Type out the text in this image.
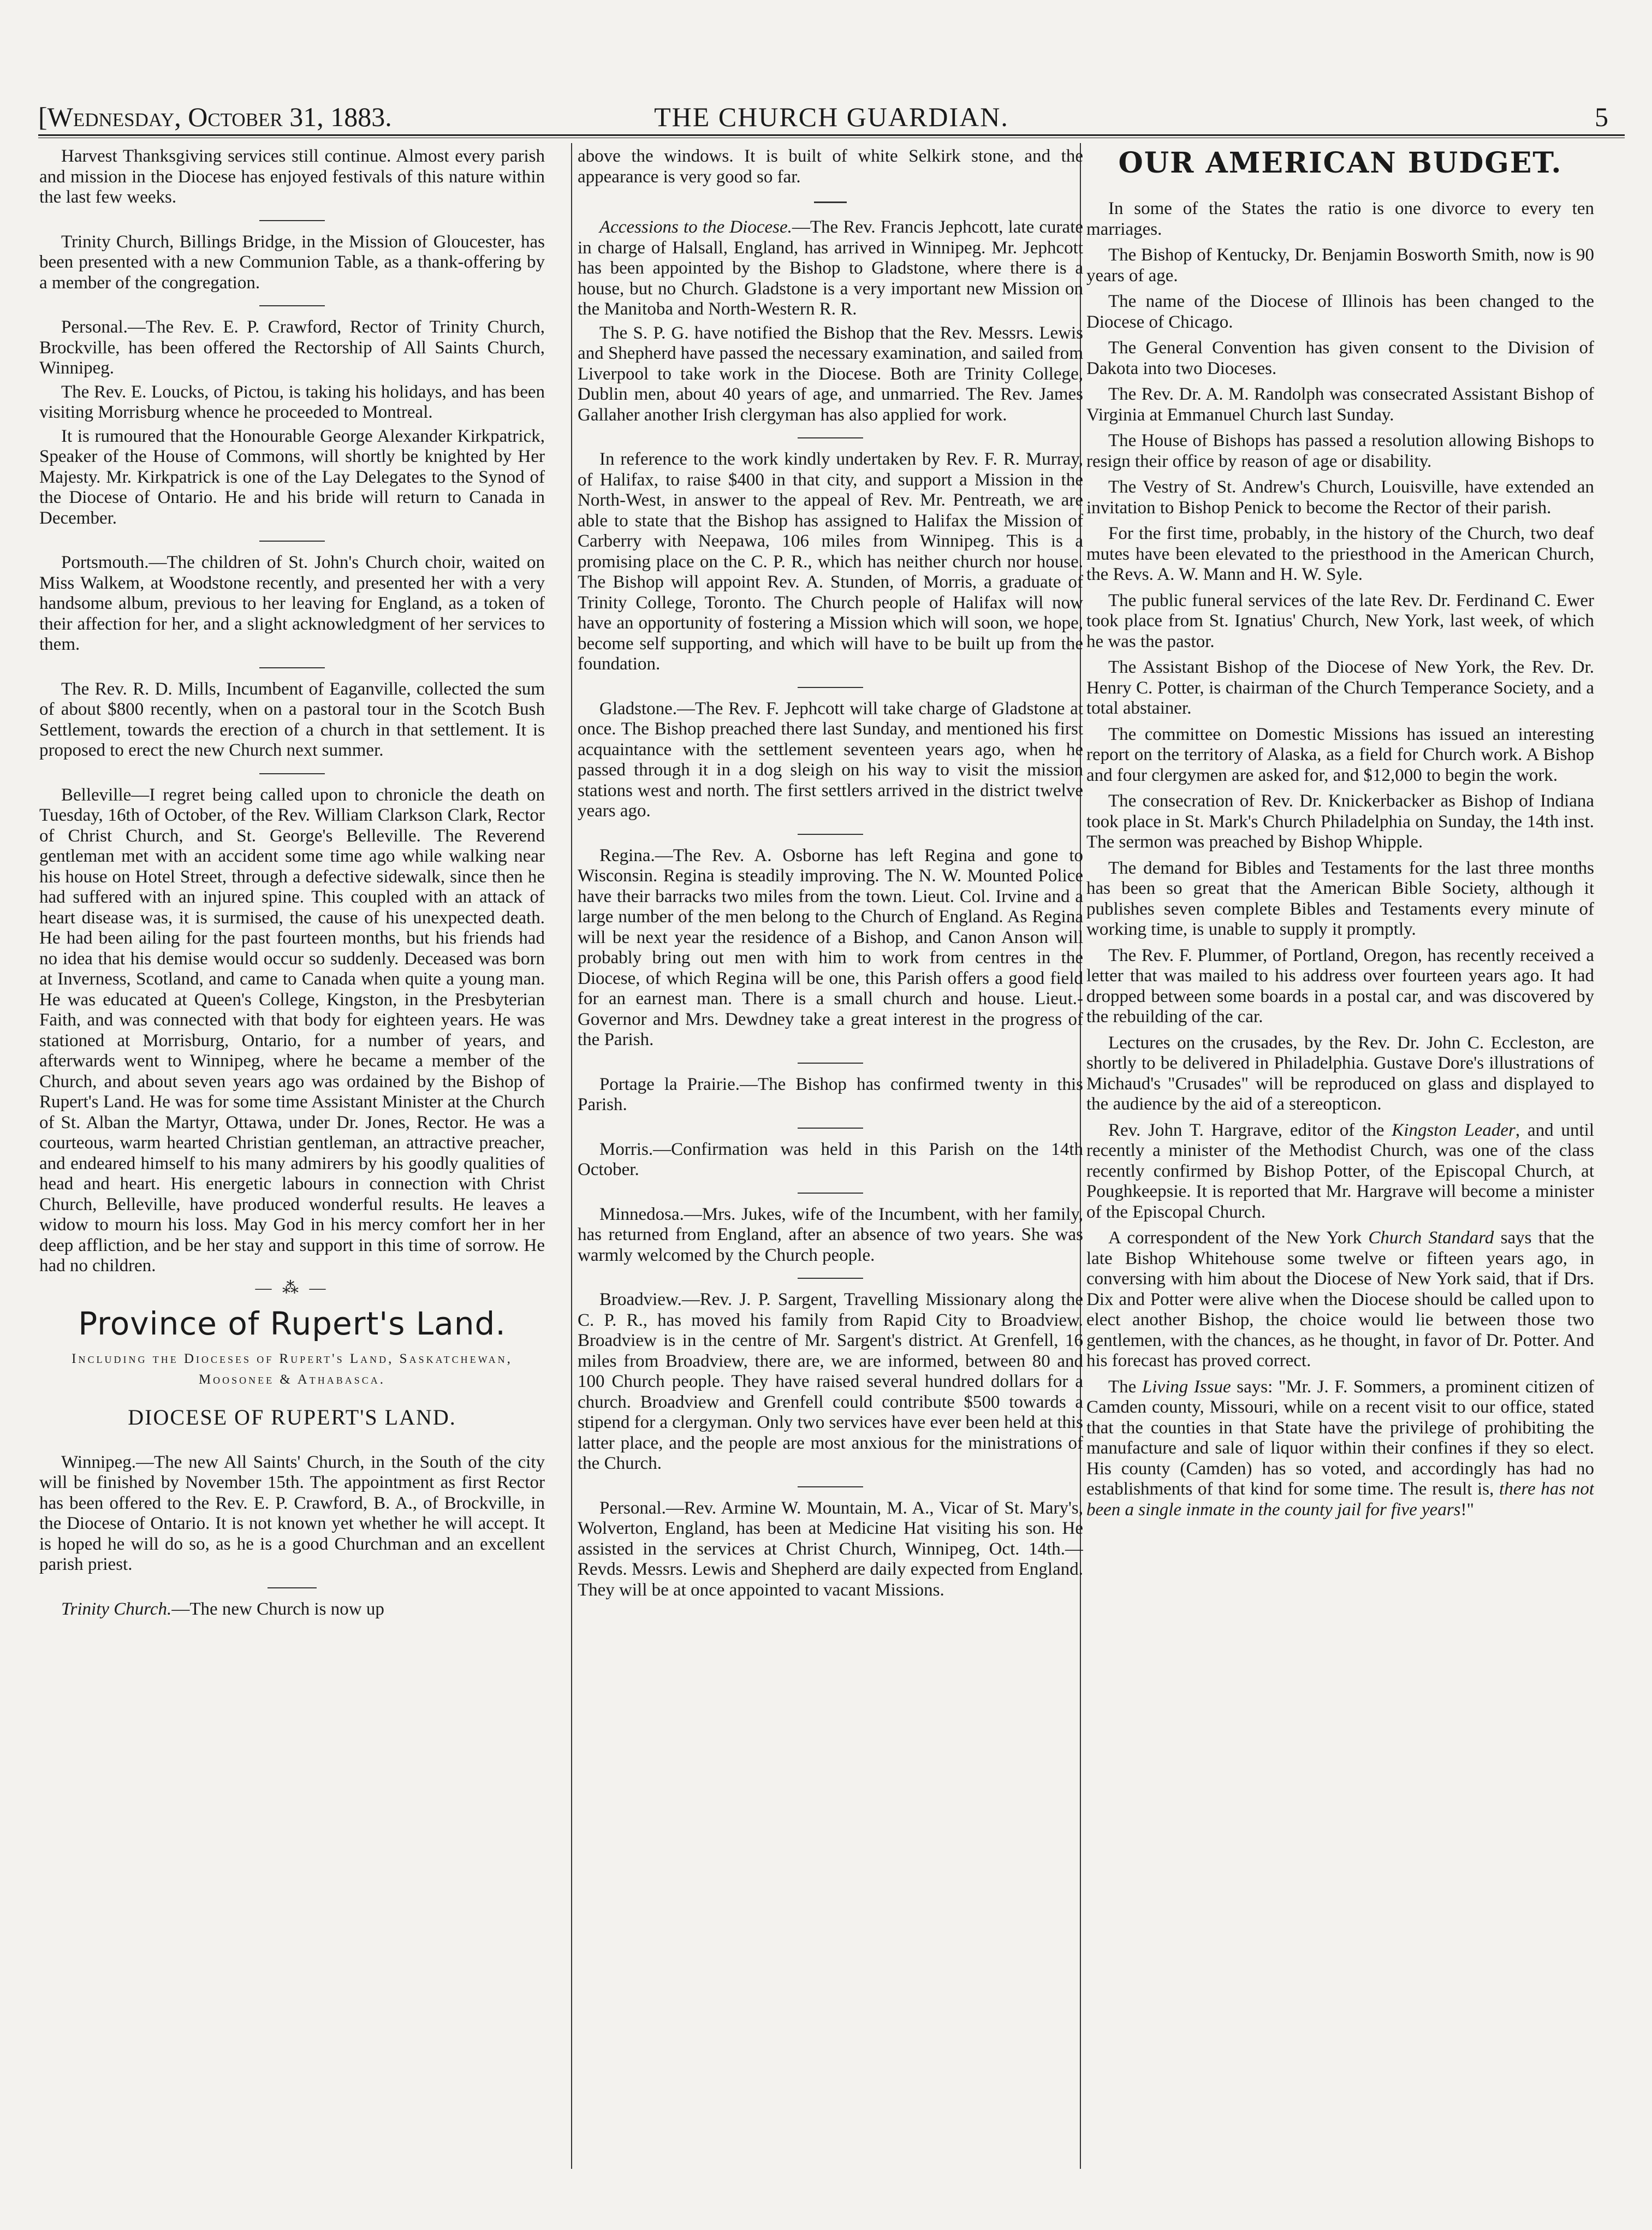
[Wednesday, October 31, 1883.	THE CHURCH GUARDIAN.	5

Harvest Thanksgiving services still continue. Almost every parish and mission in the Diocese has enjoyed festivals of this nature within the last few weeks.

Trinity Church, Billings Bridge, in the Mission of Gloucester, has been presented with a new Communion Table, as a thank-offering by a member of the congregation.

Personal.—The Rev. E. P. Crawford, Rector of Trinity Church, Brockville, has been offered the Rectorship of All Saints Church, Winnipeg.

The Rev. E. Loucks, of Pictou, is taking his holidays, and has been visiting Morrisburg whence he proceeded to Montreal.

It is rumoured that the Honourable George Alexander Kirkpatrick, Speaker of the House of Commons, will shortly be knighted by Her Majesty. Mr. Kirkpatrick is one of the Lay Delegates to the Synod of the Diocese of Ontario. He and his bride will return to Canada in December.

Portsmouth.—The children of St. John's Church choir, waited on Miss Walkem, at Woodstone recently, and presented her with a very handsome album, previous to her leaving for England, as a token of their affection for her, and a slight acknowledgment of her services to them.

The Rev. R. D. Mills, Incumbent of Eaganville, collected the sum of about $800 recently, when on a pastoral tour in the Scotch Bush Settlement, towards the erection of a church in that settlement. It is proposed to erect the new Church next summer.

Belleville—I regret being called upon to chronicle the death on Tuesday, 16th of October, of the Rev. William Clarkson Clark, Rector of Christ Church, and St. George's Belleville. The Reverend gentleman met with an accident some time ago while walking near his house on Hotel Street, through a defective sidewalk, since then he had suffered with an injured spine. This coupled with an attack of heart disease was, it is surmised, the cause of his unexpected death. He had been ailing for the past fourteen months, but his friends had no idea that his demise would occur so suddenly. Deceased was born at Inverness, Scotland, and came to Canada when quite a young man. He was educated at Queen's College, Kingston, in the Presbyterian Faith, and was connected with that body for eighteen years. He was stationed at Morrisburg, Ontario, for a number of years, and afterwards went to Winnipeg, where he became a member of the Church, and about seven years ago was ordained by the Bishop of Rupert's Land. He was for some time Assistant Minister at the Church of St. Alban the Martyr, Ottawa, under Dr. Jones, Rector. He was a courteous, warm hearted Christian gentleman, an attractive preacher, and endeared himself to his many admirers by his goodly qualities of head and heart. His energetic labours in connection with Christ Church, Belleville, have produced wonderful results. He leaves a widow to mourn his loss. May God in his mercy comfort her in her deep affliction, and be her stay and support in this time of sorrow. He had no children.

— ⁂ —
Province of Rupert's Land.
Including the Dioceses of Rupert's Land, Saskatchewan, Moosonee & Athabasca.
DIOCESE OF RUPERT'S LAND.

Winnipeg.—The new All Saints' Church, in the South of the city will be finished by November 15th. The appointment as first Rector has been offered to the Rev. E. P. Crawford, B. A., of Brockville, in the Diocese of Ontario. It is not known yet whether he will accept. It is hoped he will do so, as he is a good Churchman and an excellent parish priest.

Trinity Church.—The new Church is now up

above the windows. It is built of white Selkirk stone, and the appearance is very good so far.

Accessions to the Diocese.—The Rev. Francis Jephcott, late curate in charge of Halsall, England, has arrived in Winnipeg. Mr. Jephcott has been appointed by the Bishop to Gladstone, where there is a house, but no Church. Gladstone is a very important new Mission on the Manitoba and North-Western R. R.

The S. P. G. have notified the Bishop that the Rev. Messrs. Lewis and Shepherd have passed the necessary examination, and sailed from Liverpool to take work in the Diocese. Both are Trinity College, Dublin men, about 40 years of age, and unmarried. The Rev. James Gallaher another Irish clergyman has also applied for work.

In reference to the work kindly undertaken by Rev. F. R. Murray, of Halifax, to raise $400 in that city, and support a Mission in the North-West, in answer to the appeal of Rev. Mr. Pentreath, we are able to state that the Bishop has assigned to Halifax the Mission of Carberry with Neepawa, 106 miles from Winnipeg. This is a promising place on the C. P. R., which has neither church nor house. The Bishop will appoint Rev. A. Stunden, of Morris, a graduate of Trinity College, Toronto. The Church people of Halifax will now have an opportunity of fostering a Mission which will soon, we hope, become self supporting, and which will have to be built up from the foundation.

Gladstone.—The Rev. F. Jephcott will take charge of Gladstone at once. The Bishop preached there last Sunday, and mentioned his first acquaintance with the settlement seventeen years ago, when he passed through it in a dog sleigh on his way to visit the mission stations west and north. The first settlers arrived in the district twelve years ago.

Regina.—The Rev. A. Osborne has left Regina and gone to Wisconsin. Regina is steadily improving. The N. W. Mounted Police have their barracks two miles from the town. Lieut. Col. Irvine and a large number of the men belong to the Church of England. As Regina will be next year the residence of a Bishop, and Canon Anson will probably bring out men with him to work from centres in the Diocese, of which Regina will be one, this Parish offers a good field for an earnest man. There is a small church and house. Lieut.-Governor and Mrs. Dewdney take a great interest in the progress of the Parish.

Portage la Prairie.—The Bishop has confirmed twenty in this Parish.

Morris.—Confirmation was held in this Parish on the 14th October.

Minnedosa.—Mrs. Jukes, wife of the Incumbent, with her family, has returned from England, after an absence of two years. She was warmly welcomed by the Church people.

Broadview.—Rev. J. P. Sargent, Travelling Missionary along the C. P. R., has moved his family from Rapid City to Broadview. Broadview is in the centre of Mr. Sargent's district. At Grenfell, 16 miles from Broadview, there are, we are informed, between 80 and 100 Church people. They have raised several hundred dollars for a church. Broadview and Grenfell could contribute $500 towards a stipend for a clergyman. Only two services have ever been held at this latter place, and the people are most anxious for the ministrations of the Church.

Personal.—Rev. Armine W. Mountain, M. A., Vicar of St. Mary's, Wolverton, England, has been at Medicine Hat visiting his son. He assisted in the services at Christ Church, Winnipeg, Oct. 14th.—Revds. Messrs. Lewis and Shepherd are daily expected from England. They will be at once appointed to vacant Missions.

OUR AMERICAN BUDGET.

In some of the States the ratio is one divorce to every ten marriages.

The Bishop of Kentucky, Dr. Benjamin Bosworth Smith, now is 90 years of age.

The name of the Diocese of Illinois has been changed to the Diocese of Chicago.

The General Convention has given consent to the Division of Dakota into two Dioceses.

The Rev. Dr. A. M. Randolph was consecrated Assistant Bishop of Virginia at Emmanuel Church last Sunday.

The House of Bishops has passed a resolution allowing Bishops to resign their office by reason of age or disability.

The Vestry of St. Andrew's Church, Louisville, have extended an invitation to Bishop Penick to become the Rector of their parish.

For the first time, probably, in the history of the Church, two deaf mutes have been elevated to the priesthood in the American Church, the Revs. A. W. Mann and H. W. Syle.

The public funeral services of the late Rev. Dr. Ferdinand C. Ewer took place from St. Ignatius' Church, New York, last week, of which he was the pastor.

The Assistant Bishop of the Diocese of New York, the Rev. Dr. Henry C. Potter, is chairman of the Church Temperance Society, and a total abstainer.

The committee on Domestic Missions has issued an interesting report on the territory of Alaska, as a field for Church work. A Bishop and four clergymen are asked for, and $12,000 to begin the work.

The consecration of Rev. Dr. Knickerbacker as Bishop of Indiana took place in St. Mark's Church Philadelphia on Sunday, the 14th inst. The sermon was preached by Bishop Whipple.

The demand for Bibles and Testaments for the last three months has been so great that the American Bible Society, although it publishes seven complete Bibles and Testaments every minute of working time, is unable to supply it promptly.

The Rev. F. Plummer, of Portland, Oregon, has recently received a letter that was mailed to his address over fourteen years ago. It had dropped between some boards in a postal car, and was discovered by the rebuilding of the car.

Lectures on the crusades, by the Rev. Dr. John C. Eccleston, are shortly to be delivered in Philadelphia. Gustave Dore's illustrations of Michaud's "Crusades" will be reproduced on glass and displayed to the audience by the aid of a stereopticon.

Rev. John T. Hargrave, editor of the Kingston Leader, and until recently a minister of the Methodist Church, was one of the class recently confirmed by Bishop Potter, of the Episcopal Church, at Poughkeepsie. It is reported that Mr. Hargrave will become a minister of the Episcopal Church.

A correspondent of the New York Church Standard says that the late Bishop Whitehouse some twelve or fifteen years ago, in conversing with him about the Diocese of New York said, that if Drs. Dix and Potter were alive when the Diocese should be called upon to elect another Bishop, the choice would lie between those two gentlemen, with the chances, as he thought, in favor of Dr. Potter. And his forecast has proved correct.

The Living Issue says: "Mr. J. F. Sommers, a prominent citizen of Camden county, Missouri, while on a recent visit to our office, stated that the counties in that State have the privilege of prohibiting the manufacture and sale of liquor within their confines if they so elect. His county (Camden) has so voted, and accordingly has had no establishments of that kind for some time. The result is, there has not been a single inmate in the county jail for five years!"
